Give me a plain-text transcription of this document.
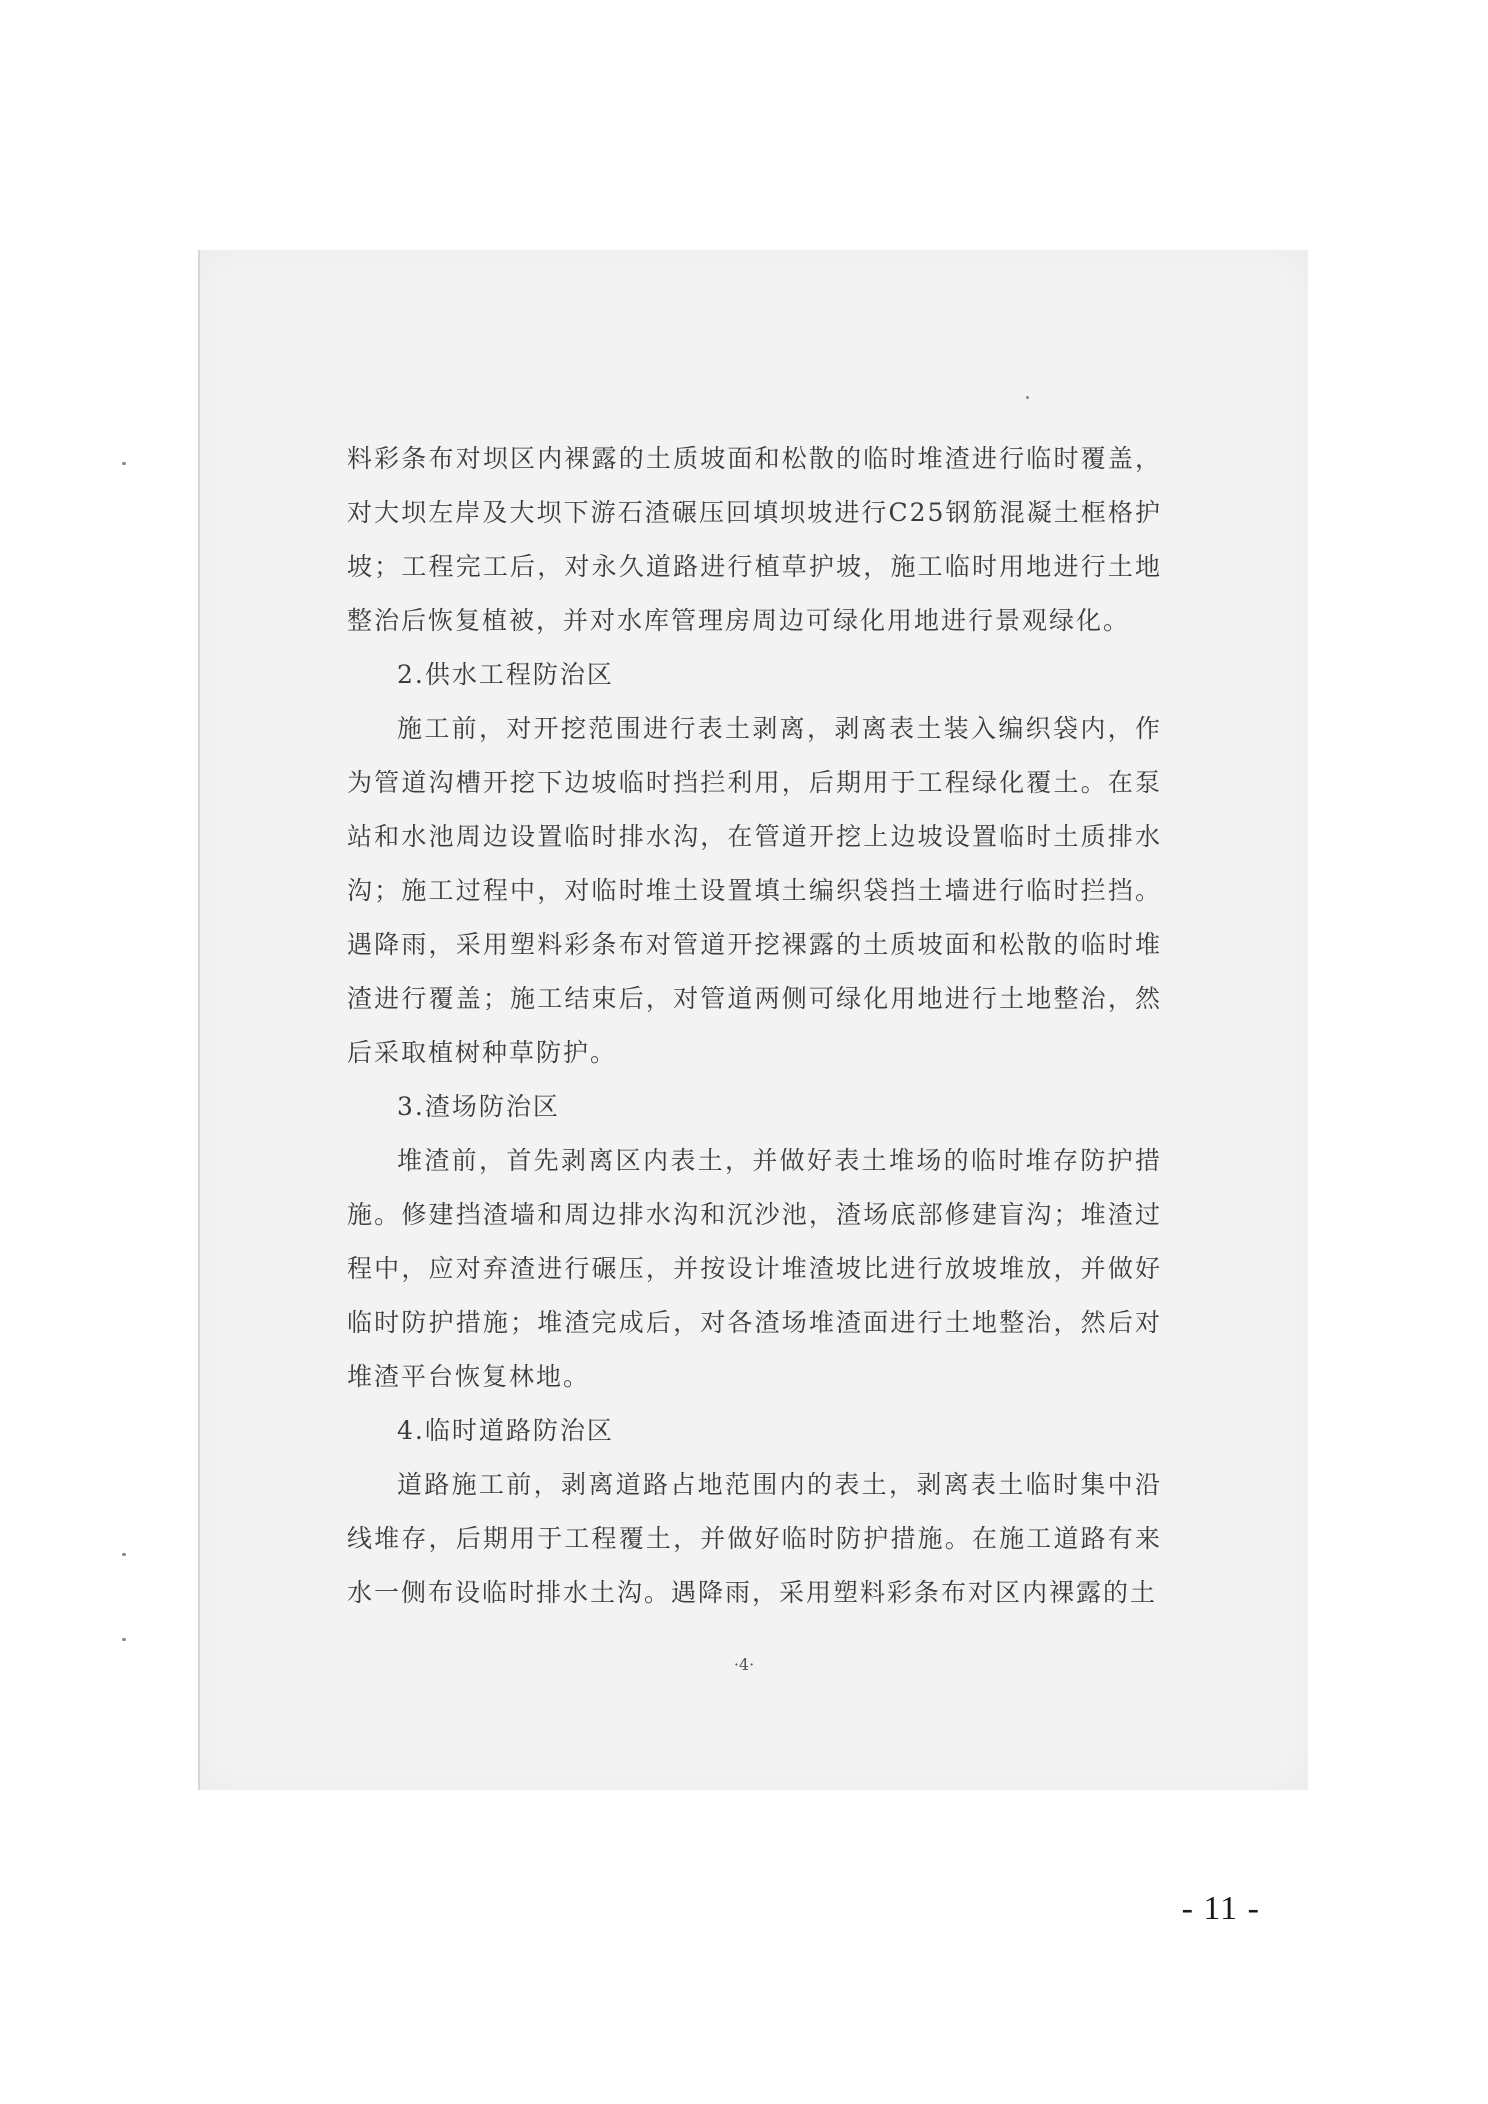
料彩条布对坝区内裸露的土质坡面和松散的临时堆渣进行临时覆盖，对大坝左岸及大坝下游石渣碾压回填坝坡进行C25钢筋混凝土框格护坡；工程完工后，对永久道路进行植草护坡，施工临时用地进行土地整治后恢复植被，并对水库管理房周边可绿化用地进行景观绿化。

2.供水工程防治区

施工前，对开挖范围进行表土剥离，剥离表土装入编织袋内，作为管道沟槽开挖下边坡临时挡拦利用，后期用于工程绿化覆土。在泵站和水池周边设置临时排水沟，在管道开挖上边坡设置临时土质排水沟；施工过程中，对临时堆土设置填土编织袋挡土墙进行临时拦挡。遇降雨，采用塑料彩条布对管道开挖裸露的土质坡面和松散的临时堆渣进行覆盖；施工结束后，对管道两侧可绿化用地进行土地整治，然后采取植树种草防护。

3.渣场防治区

堆渣前，首先剥离区内表土，并做好表土堆场的临时堆存防护措施。修建挡渣墙和周边排水沟和沉沙池，渣场底部修建盲沟；堆渣过程中，应对弃渣进行碾压，并按设计堆渣坡比进行放坡堆放，并做好临时防护措施；堆渣完成后，对各渣场堆渣面进行土地整治，然后对堆渣平台恢复林地。

4.临时道路防治区

道路施工前，剥离道路占地范围内的表土，剥离表土临时集中沿线堆存，后期用于工程覆土，并做好临时防护措施。在施工道路有来水一侧布设临时排水土沟。遇降雨，采用塑料彩条布对区内裸露的土

·4·
- 11 -
